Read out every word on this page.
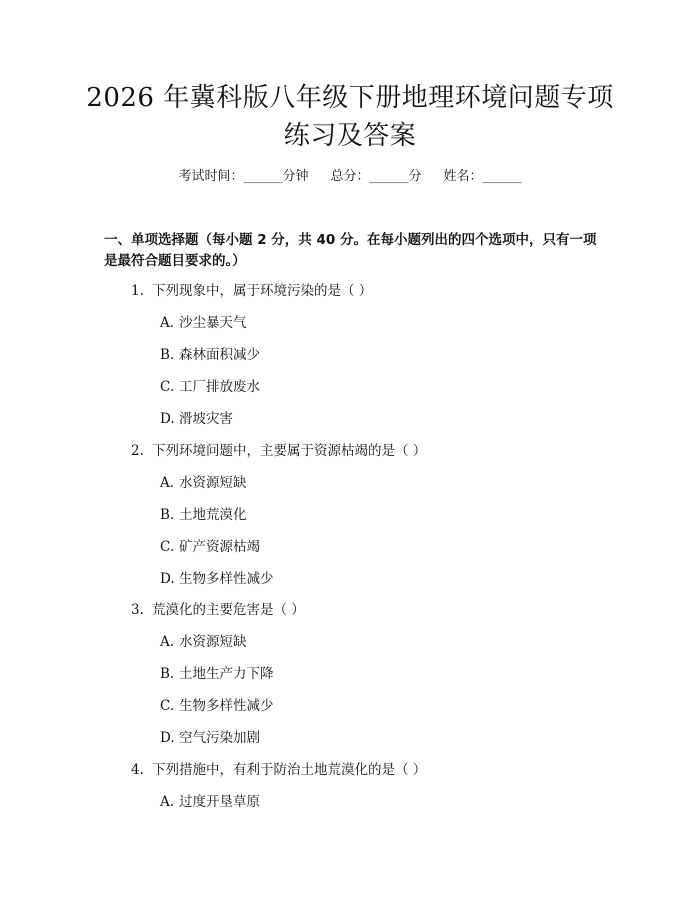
2026 年冀科版八年级下册地理环境问题专项
练习及答案
考试时间：______分钟 总分：______分 姓名：______
一、单项选择题（每小题 2 分，共 40 分。在每小题列出的四个选项中，只有一项
是最符合题目要求的。）
1. 下列现象中，属于环境污染的是（ ）
A. 沙尘暴天气
B. 森林面积减少
C. 工厂排放废水
D. 滑坡灾害
2. 下列环境问题中，主要属于资源枯竭的是（ ）
A. 水资源短缺
B. 土地荒漠化
C. 矿产资源枯竭
D. 生物多样性减少
3. 荒漠化的主要危害是（ ）
A. 水资源短缺
B. 土地生产力下降
C. 生物多样性减少
D. 空气污染加剧
4. 下列措施中，有利于防治土地荒漠化的是（ ）
A. 过度开垦草原
